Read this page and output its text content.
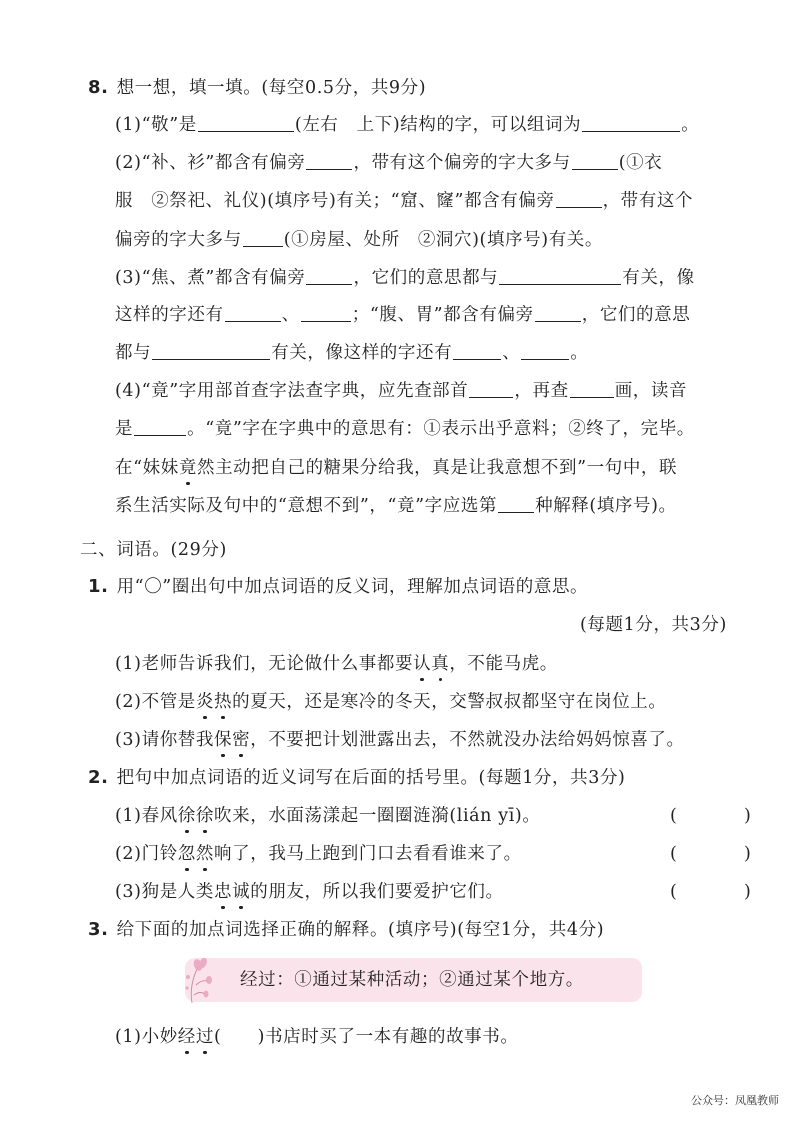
8. 想一想，填一填。(每空0.5分，共9分)
(1)“敬”是	(左右　上下)结构的字，可以组词为	。
(2)“补、衫”都含有偏旁	，带有这个偏旁的字大多与	(①衣
服　②祭祀、礼仪)(填序号)有关；“窟、窿”都含有偏旁	，带有这个
偏旁的字大多与 (①房屋、处所　②洞穴)(填序号)有关。
(3)“焦、煮”都含有偏旁	，它们的意思都与	有关，像
这样的字还有	、	；“腹、胃”都含有偏旁	，它们的意思
都与	有关，像这样的字还有	、	。
(4)“竟”字用部首查字法查字典，应先查部首	，再查	画，读音
是	。“竟”字在字典中的意思有：①表示出乎意料；②终了，完毕。
在“妹妹竟然主动把自己的糖果分给我，真是让我意想不到”一句中，联
系生活实际及句中的“意想不到”，“竟”字应选第 种解释(填序号)。
二、词语。(29分)
1. 用“〇”圈出句中加点词语的反义词，理解加点词语的意思。
(每题1分，共3分)
(1)老师告诉我们，无论做什么事都要认真，不能马虎。
(2)不管是炎热的夏天，还是寒冷的冬天，交警叔叔都坚守在岗位上。
(3)请你替我保密，不要把计划泄露出去，不然就没办法给妈妈惊喜了。
2. 把句中加点词语的近义词写在后面的括号里。(每题1分，共3分)
(1)春风徐徐吹来，水面荡漾起一圈圈涟漪(lián yī)。	(	)
(2)门铃忽然响了，我马上跑到门口去看看谁来了。	(	)
(3)狗是人类忠诚的朋友，所以我们要爱护它们。	(	)
3. 给下面的加点词选择正确的解释。(填序号)(每空1分，共4分)
经过：①通过某种活动；②通过某个地方。
(1)小妙经过(　　)书店时买了一本有趣的故事书。
公众号：凤凰教师
